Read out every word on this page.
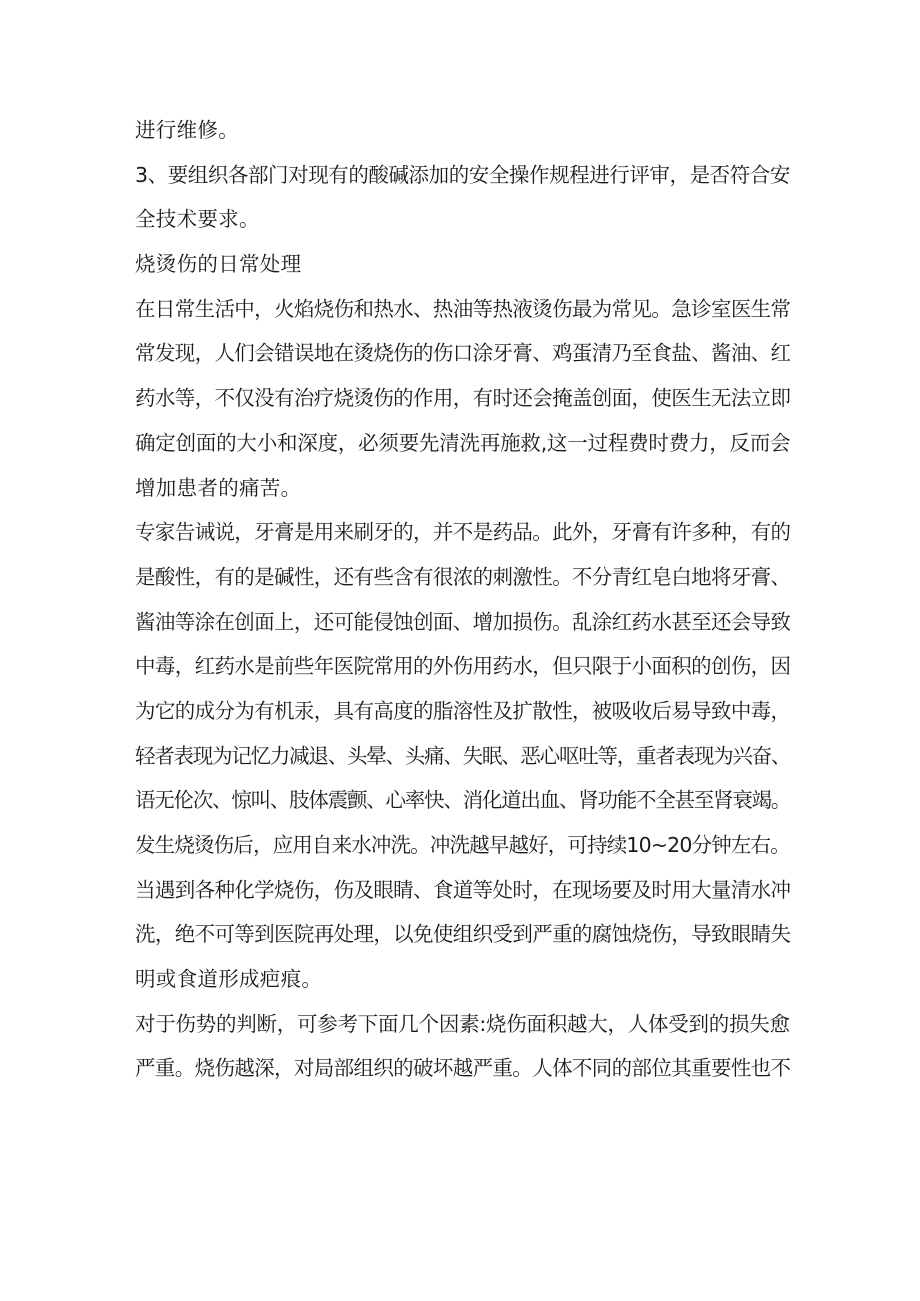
进行维修。
3、要组织各部门对现有的酸碱添加的安全操作规程进行评审，是否符合安
全技术要求。
烧烫伤的日常处理
在日常生活中，火焰烧伤和热水、热油等热液烫伤最为常见。急诊室医生常
常发现，人们会错误地在烫烧伤的伤口涂牙膏、鸡蛋清乃至食盐、酱油、红
药水等，不仅没有治疗烧烫伤的作用，有时还会掩盖创面，使医生无法立即
确定创面的大小和深度，必须要先清洗再施救,这一过程费时费力，反而会
增加患者的痛苦。
专家告诫说，牙膏是用来刷牙的，并不是药品。此外，牙膏有许多种，有的
是酸性，有的是碱性，还有些含有很浓的刺激性。不分青红皂白地将牙膏、
酱油等涂在创面上，还可能侵蚀创面、增加损伤。乱涂红药水甚至还会导致
中毒，红药水是前些年医院常用的外伤用药水，但只限于小面积的创伤，因
为它的成分为有机汞，具有高度的脂溶性及扩散性，被吸收后易导致中毒，
轻者表现为记忆力减退、头晕、头痛、失眠、恶心呕吐等，重者表现为兴奋、
语无伦次、惊叫、肢体震颤、心率快、消化道出血、肾功能不全甚至肾衰竭。
发生烧烫伤后，应用自来水冲洗。冲洗越早越好，可持续10~20分钟左右。
当遇到各种化学烧伤，伤及眼睛、食道等处时，在现场要及时用大量清水冲
洗，绝不可等到医院再处理，以免使组织受到严重的腐蚀烧伤，导致眼睛失
明或食道形成疤痕。
对于伤势的判断，可参考下面几个因素:烧伤面积越大，人体受到的损失愈
严重。烧伤越深，对局部组织的破坏越严重。人体不同的部位其重要性也不
